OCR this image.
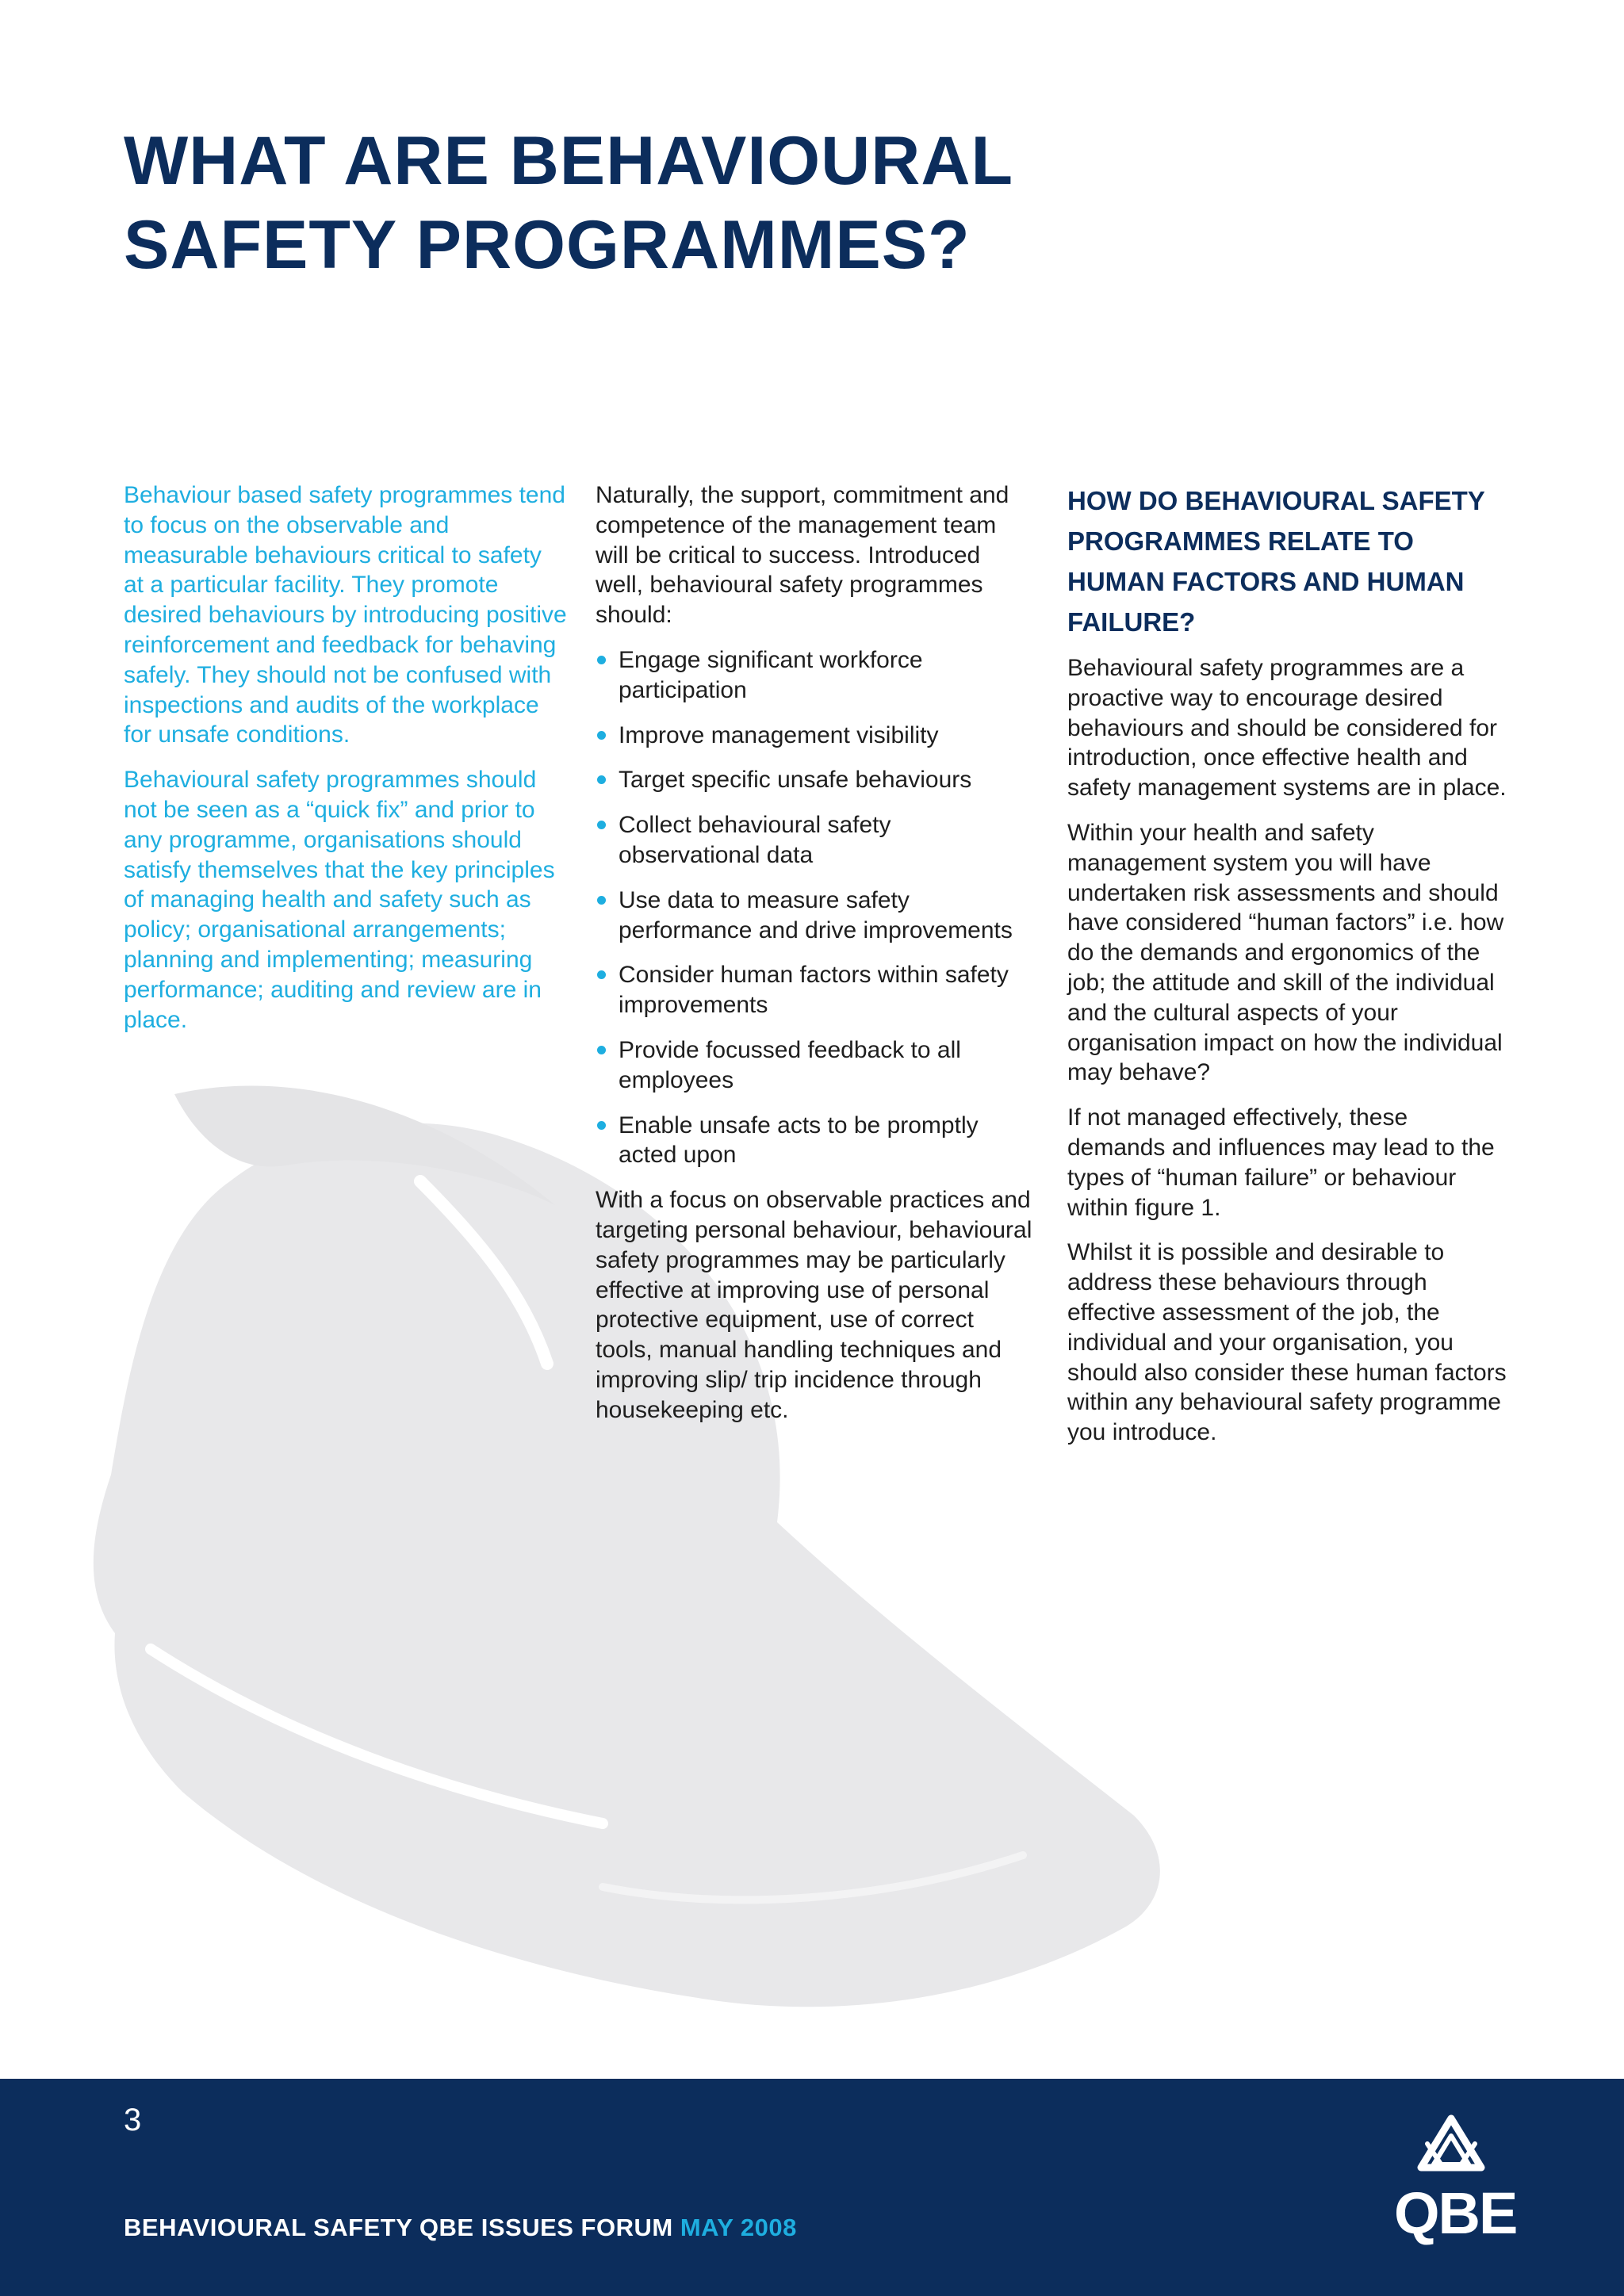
WHAT ARE BEHAVIOURAL
SAFETY PROGRAMMES?

Behaviour based safety programmes tend to focus on the observable and measurable behaviours critical to safety at a particular facility. They promote desired behaviours by introducing positive reinforcement and feedback for behaving safely. They should not be confused with inspections and audits of the workplace for unsafe conditions.

Behavioural safety programmes should not be seen as a “quick fix” and prior to any programme, organisations should satisfy themselves that the key principles of managing health and safety such as policy; organisational arrangements; planning and implementing; measuring performance; auditing and review are in place.

Naturally, the support, commitment and competence of the management team will be critical to success. Introduced well, behavioural safety programmes should:

Engage significant workforce participation
Improve management visibility
Target specific unsafe behaviours
Collect behavioural safety observational data
Use data to measure safety performance and drive improvements
Consider human factors within safety improvements
Provide focussed feedback to all employees
Enable unsafe acts to be promptly acted upon

With a focus on observable practices and targeting personal behaviour, behavioural safety programmes may be particularly effective at improving use of personal protective equipment, use of correct tools, manual handling techniques and improving slip/ trip incidence through housekeeping etc.

HOW DO BEHAVIOURAL SAFETY PROGRAMMES RELATE TO HUMAN FACTORS AND HUMAN FAILURE?

Behavioural safety programmes are a proactive way to encourage desired behaviours and should be considered for introduction, once effective health and safety management systems are in place.

Within your health and safety management system you will have undertaken risk assessments and should have considered “human factors” i.e. how do the demands and ergonomics of the job; the attitude and skill of the individual and the cultural aspects of your organisation impact on how the individual may behave?

If not managed effectively, these demands and influences may lead to the types of “human failure” or behaviour within figure 1.

Whilst it is possible and desirable to address these behaviours through effective assessment of the job, the individual and your organisation, you should also consider these human factors within any behavioural safety programme you introduce.

3
BEHAVIOURAL SAFETY QBE ISSUES FORUM MAY 2008	QBE
